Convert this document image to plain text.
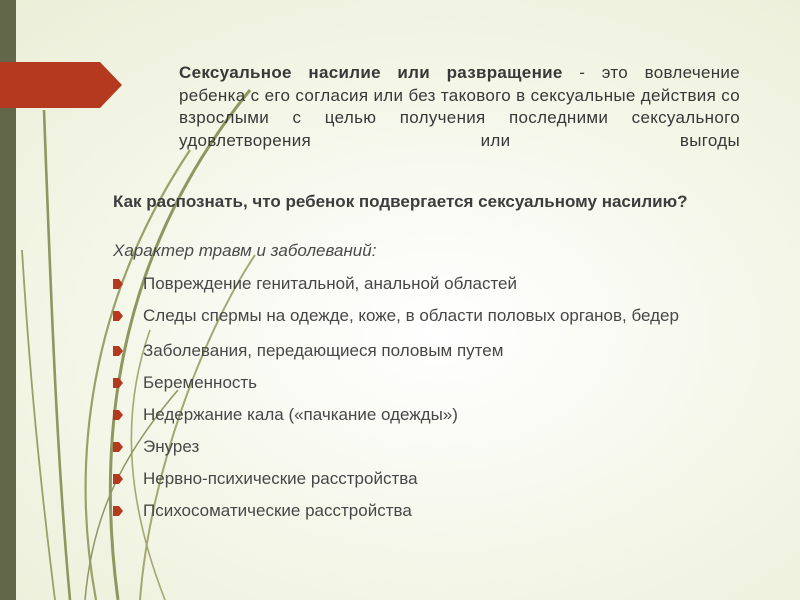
Сексуальное насилие или развращение - это вовлечение ребенка с его согласия или без такового в сексуальные действия со взрослыми с целью получения последними сексуального удовлетворения или выгоды

Как распознать, что ребенок подвергается сексуальному насилию?

Характер травм и заболеваний:

Повреждение генитальной, анальной областей
Следы спермы на одежде, коже, в области половых органов, бедер
Заболевания, передающиеся половым путем
Беременность
Недержание кала («пачкание одежды»)
Энурез
Нервно-психические расстройства
Психосоматические расстройства
